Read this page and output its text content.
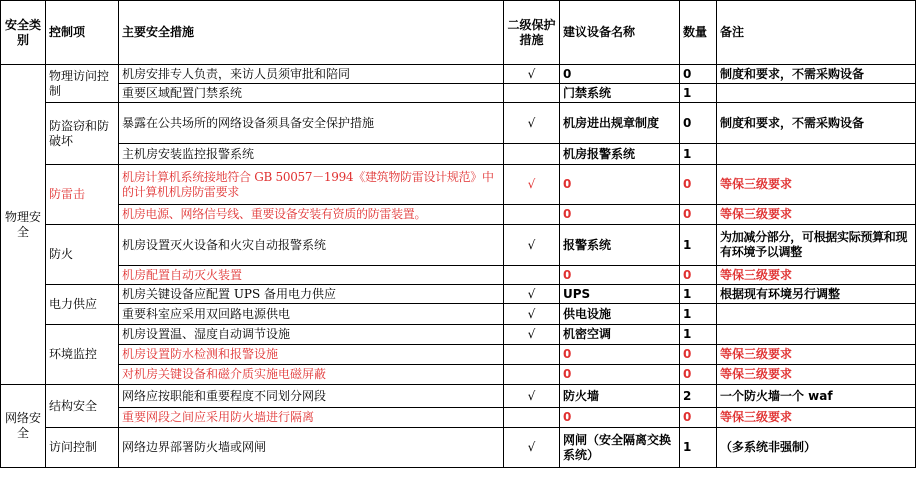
安全类别	控制项	主要安全措施	二级保护措施	建议设备名称	数量	备注
物理安全	物理访问控制	机房安排专人负责，来访人员须审批和陪同	√	0	0	制度和要求，不需采购设备
		重要区域配置门禁系统		门禁系统	1	
	防盗窃和防破坏	暴露在公共场所的网络设备须具备安全保护措施	√	机房进出规章制度	0	制度和要求，不需采购设备
		主机房安装监控报警系统		机房报警系统	1	
	防雷击	机房计算机系统接地符合 GB 50057－1994《建筑物防雷设计规范》中的计算机机房防雷要求	√	0	0	等保三级要求
		机房电源、网络信号线、重要设备安装有资质的防雷装置。		0	0	等保三级要求
	防火	机房设置灭火设备和火灾自动报警系统	√	报警系统	1	为加减分部分，可根据实际预算和现有环境予以调整
		机房配置自动灭火装置		0	0	等保三级要求
	电力供应	机房关键设备应配置 UPS 备用电力供应	√	UPS	1	根据现有环境另行调整
		重要科室应采用双回路电源供电	√	供电设施	1	
	环境监控	机房设置温、湿度自动调节设施	√	机密空调	1	
		机房设置防水检测和报警设施		0	0	等保三级要求
		对机房关键设备和磁介质实施电磁屏蔽		0	0	等保三级要求
网络安全	结构安全	网络应按职能和重要程度不同划分网段	√	防火墙	2	一个防火墙一个 waf
		重要网段之间应采用防火墙进行隔离		0	0	等保三级要求
	访问控制	网络边界部署防火墙或网闸	√	网闸（安全隔离交换系统）	1	（多系统非强制）
